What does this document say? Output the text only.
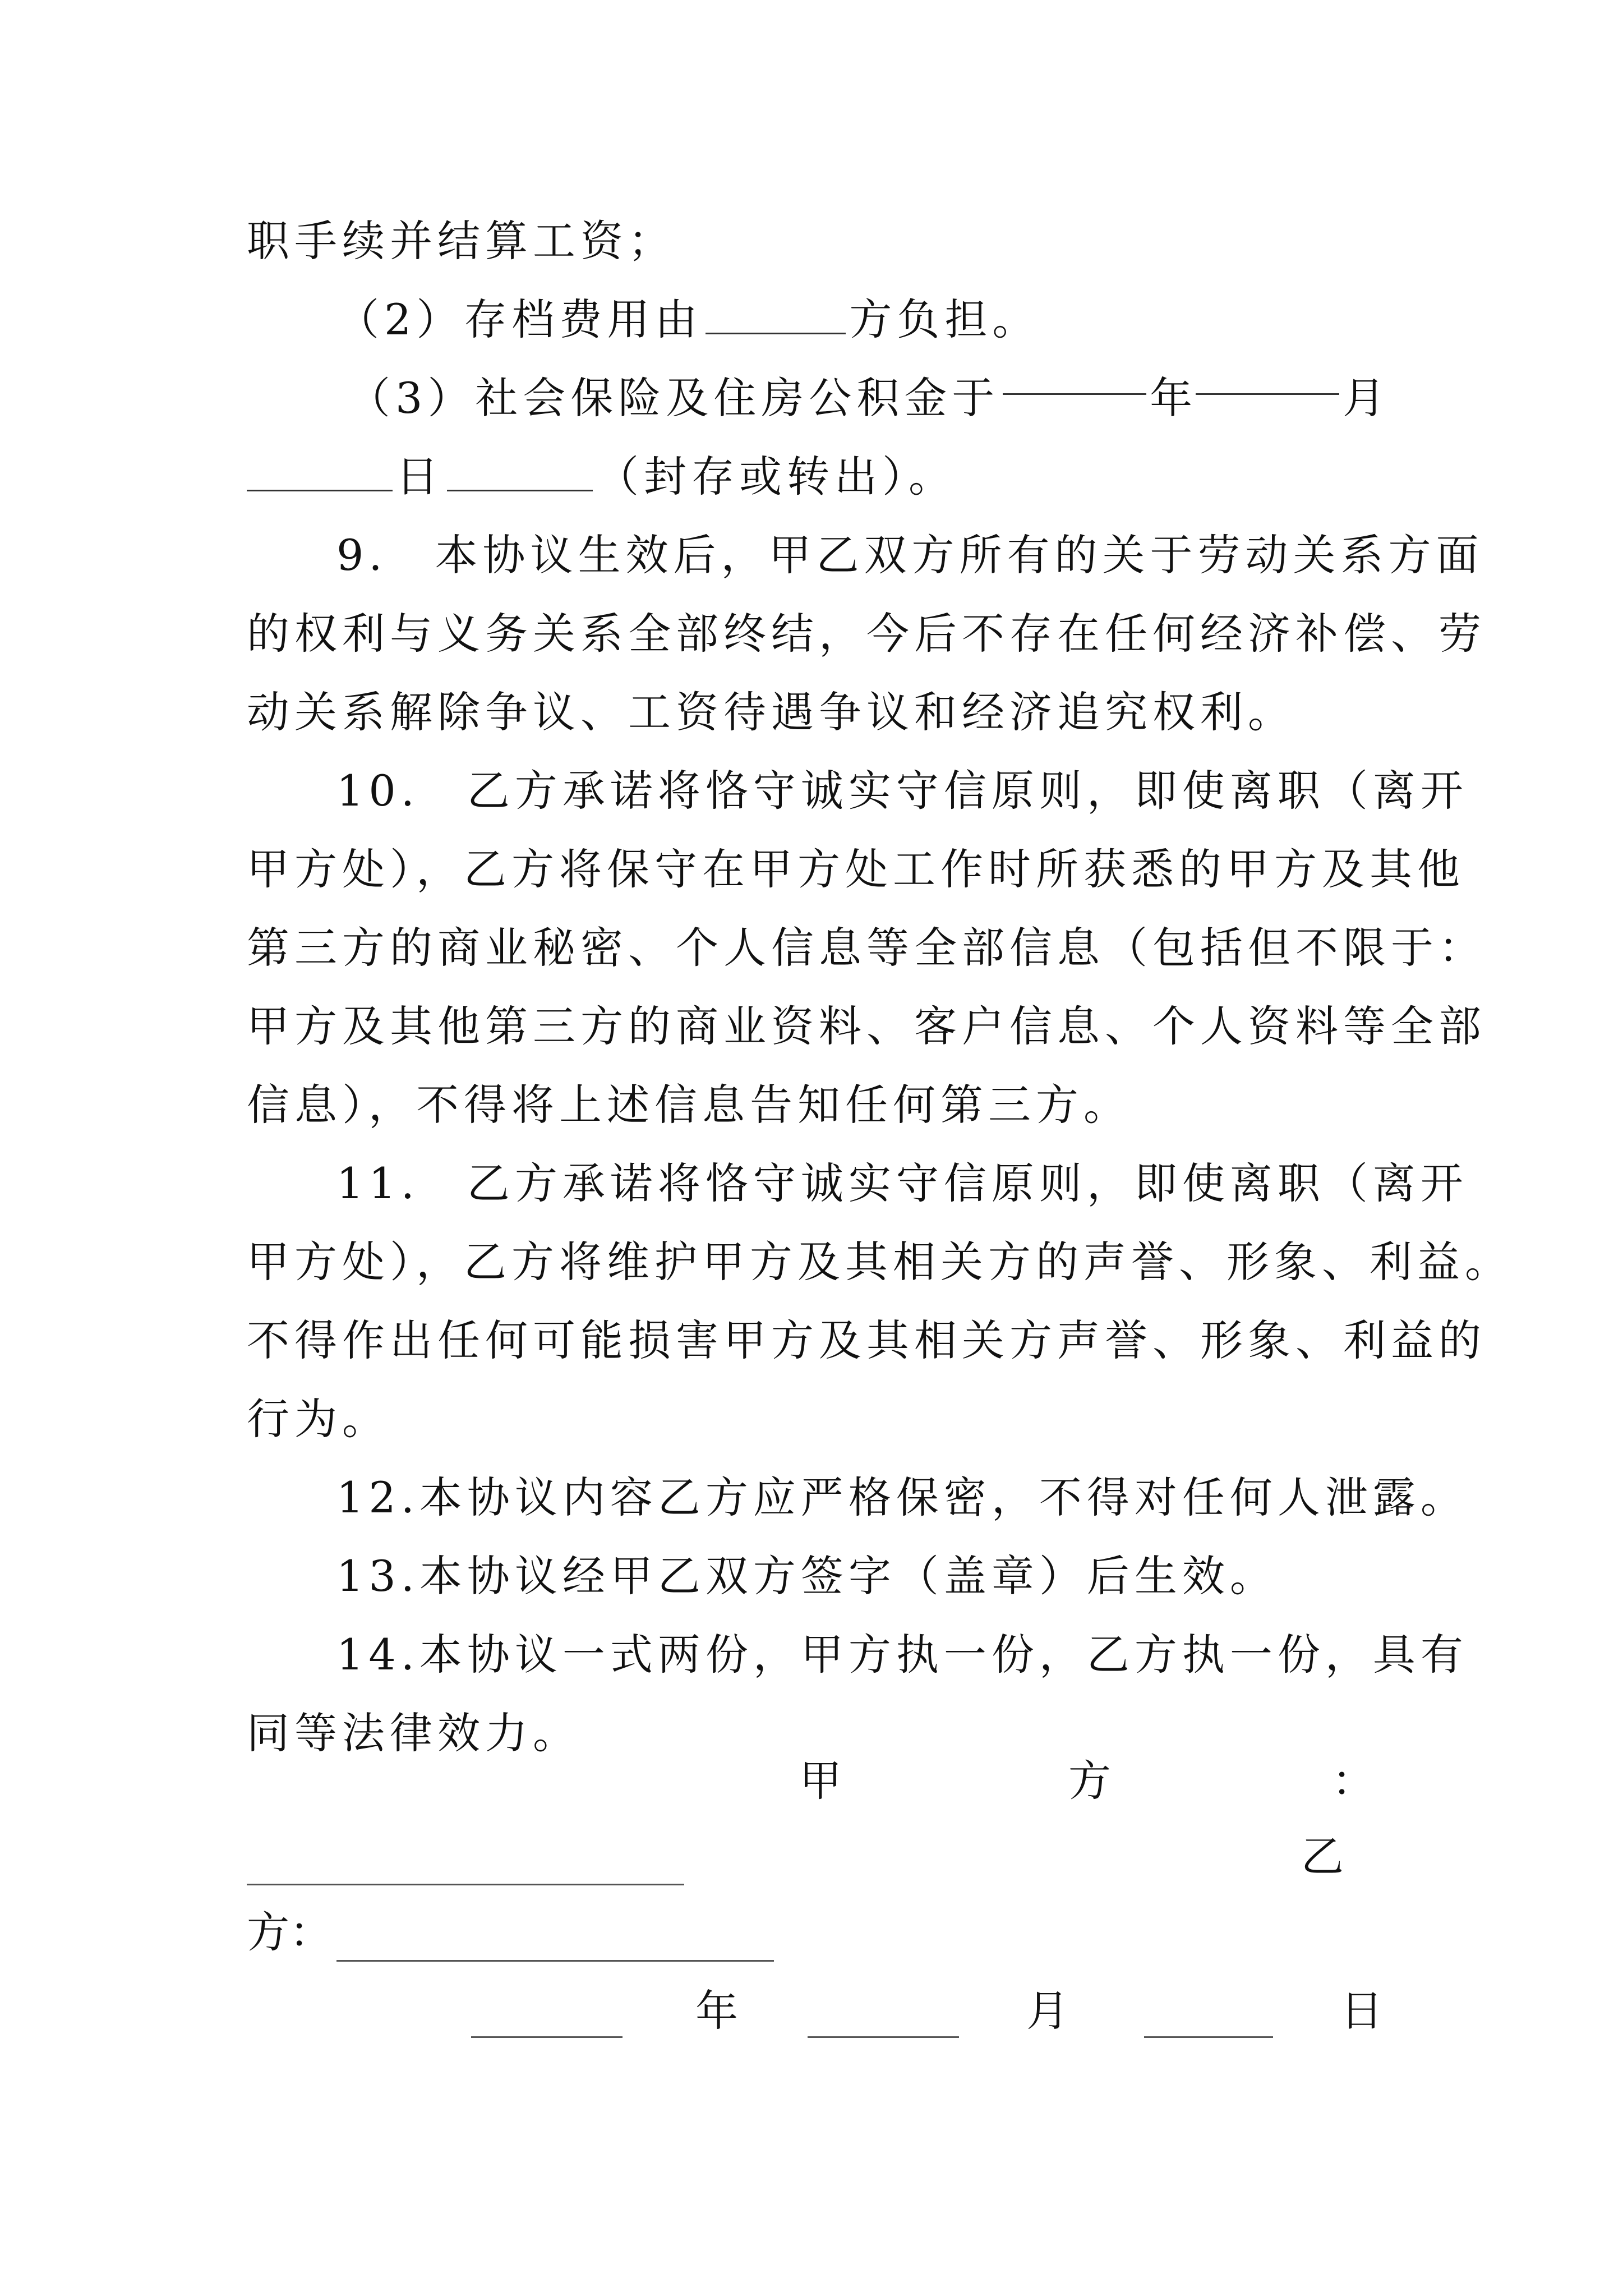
职手续并结算工资；
（2）存档费用由	方负担。
（3）社会保险及住房公积金于	年	月
日	（封存或转出）。
9.　本协议生效后，甲乙双方所有的关于劳动关系方面
的权利与义务关系全部终结，今后不存在任何经济补偿、劳
动关系解除争议、工资待遇争议和经济追究权利。
10.　乙方承诺将恪守诚实守信原则，即使离职（离开
甲方处），乙方将保守在甲方处工作时所获悉的甲方及其他
第三方的商业秘密、个人信息等全部信息（包括但不限于：
甲方及其他第三方的商业资料、客户信息、个人资料等全部
信息），不得将上述信息告知任何第三方。
11.　乙方承诺将恪守诚实守信原则，即使离职（离开
甲方处），乙方将维护甲方及其相关方的声誉、形象、利益。
不得作出任何可能损害甲方及其相关方声誉、形象、利益的
行为。
12.本协议内容乙方应严格保密，不得对任何人泄露。
13.本协议经甲乙双方签字（盖章）后生效。
14.本协议一式两份，甲方执一份，乙方执一份，具有
同等法律效力。
甲	方	：
乙
方：
年	月	日
